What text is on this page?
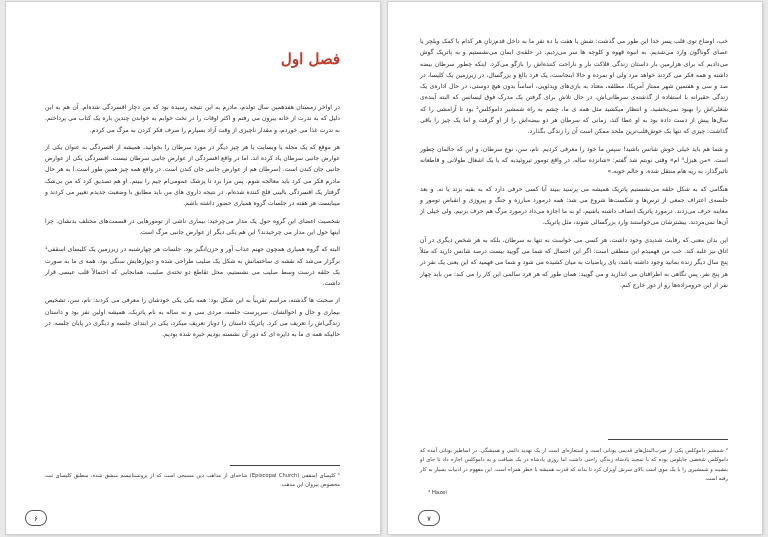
فصل اول

در اواخر زمستان هفدهمین سال تولدم، مادرم به این نتیجه رسیده بود که من دچار افسردگی شده‌ام. آن هم به این دلیل که به ندرت از خانه بیرون می رفتم و اکثر اوقات را در تخت خوابم به خواندن چندین باره یک کتاب می پرداختم. به ندرت غذا می خوردم، و مقدار ناچیزی از وقت آزاد بسیارم را صرف فکر کردن به مرگ می کردم.

هر موقع که یک مجله یا وبسایت یا هر چیز دیگر در مورد سرطان را بخوانید، همیشه از افسردگی به عنوان یکی از عوارض جانبی سرطان یاد کرده اند. اما در واقع افسردگی از عوارض جانبی سرطان نیست. افسردگی یکی از عوارض جانبی جان کندن است. (سرطان هم از عوارض جانبی جان کندن است. در واقع همه چیز همین طور است.) به هر حال مادرم فکر می کرد باید معالجه شوم. پس مرا برد تا پزشک عمومی‌ام جیم را ببینم. او هم تصدیق کرد که من بی‌شک گرفتار یک افسردگی بالینی فلج کننده شده‌ام. در نتیجه داروی های من باید مطابق با وضعیت جدیدم تغییر می کردند و میبایست هر هفته در جلسات گروه همیاری حضور داشته باشم.

شخصیت اعضای این گروه حول یک مدار می‌چرخید: بیماری ناشی از تومورهایی در قسمت‌های مختلف بدنشان. چرا اینها حول این مدار می چرخیدند؟ این هم یکی دیگر از عوارض جانبی مرگ است.

البته که گروه همیاری همچون جهنم عذاب آور و حزن‌انگیز بود. جلسات هر چهارشنبه در زیرزمین یک کلیسای اسقفی¹ برگزار می‌شد که نقشه ی ساختمانش به شکل یک صلیب طراحی شده و دیوارهایش سنگی بود. همه ی ما به صورت یک حلقه درست وسط صلیب می نشستیم، محل تقاطع دو تخته‌ی صلیب، همانجایی که احتمالاً قلب عیسی قرار داشت.

از صحبت ها گذشته، مراسم تقریباً به این شکل بود: همه یکی یکی خودشان را معرفی می کردند: نام، سن، تشخیص بیماری و حال و احوالشان. سرپرست جلسه، مردی سی و نه ساله به نام پاتریک، همیشه اولین نفر بود و داستان زندگی‌اش را تعریف می کرد. پاتریک داستان را دوبار تعریف میکرد، یکی در ابتدای جلسه و دیگری در پایان جلسه. در حالیکه همه ی ما به دایره ای که دور آن نشسته بودیم خیره شده بودیم.

¹ کلیسای اسقفی (Episcopal Church) شاخه‌ای از مذاهب دین مسیحی است که از پروتستانیسم منشق شده، منطبق کلیسای ثبت مخصوص پیروان این مذهب.
۶

خب، اوضاع توی قلب پسر خدا این طور می گذشت: شش یا هفت یا ده نفر ما به داخل قدم‌زنان‌ِ هر کدام با کمک ویلچر یا عصای گوناگون وارد می‌شدیم. به انبوه قهوه و کلوچه ها سر می‌زدیم، در حلقه‌ی ایمان می‌نشستیم و به پاتریک گوش می‌دادیم که برای هزارمین بار داستان زندگی فلاکت بار و ناراحت کننده‌اش را بازگو می‌کرد. اینکه چطور سرطان بیضه داشته و همه فکر می کردند خواهد مرد ولی او نمرده و حالا اینجاست، یک فرد بالغ و بزرگسال، در زیرزمین یک کلیسا، در صد و سی و هفتمین شهر ممتاز آمریکا، مطلقه، معتاد به بازی‌های ویدئویی، اساساً بدون هیچ دوستی، در حال اداره‌ی یک زندگی حقیرانه با استفاده از گذشته‌ی سرطانی‌اش، در حال تلاش برای گرفتن یک مدرک فوق لیسانس که البته آینده‌ی شغلی‌اش را بهبود نمی‌بخشید، و انتظار میکشید مثل همه ی ما، چشم به راه شمشیر داموکلس² بود تا آرامشی را که سال‌ها پیش از دست داده بود به او عطا کند، زمانی که سرطان هر دو بیضه‌اش را از او گرفت و اما یک چیز را باقی گذاشت: چیزی که تنها یک خوش‌قلب‌ترین ملحد ممکن است آن را زندگی بگذارد.

و شما هم باید خیلی خوش شانس باشید! سپس ما خود را معرفی کردیم. نام، سن، نوع سرطان، و این که حالمان چطور است. «من هیزل³ ام» وقتی نوبتم شد گفتم: «شانزده ساله. در واقع تومور تیروئیدیه که با یک اشغال طولانی و قاطعانه تاثیرگذار، به ریه هام منتقل شده. و حالم خوبه.»

هنگامی که به شکل حلقه می‌نشستیم پاتریک همیشه می پرسید ببیند آیا کسی حرفی دارد که به بقیه بزند یا نه. و بعد جلسه‌ی اعتراف جمعی از ترس‌ها و شکست‌ها شروع می شد: همه درمورد مبارزه و جنگ و پیروزی و انقباض تومور و معاینه حرف می‌زدند. درمورد پاتریک انصاف داشته باشیم، او به ما اجازه می‌داد درمورد مرگ هم حرف بزنیم. ولی خیلی از آن‌ها نمی‌مردند. بیشترشان می‌خواستند وارد بزرگسالی شوند، مثل پاتریک.

این بدان معنی که رقابت شدیدی وجود داشت، هر کسی می خواست نه تنها به سرطان، بلکه به هر شخص دیگری در آن اتاق نیز غلبه کند. خب من فهمیدم این منطقی است: اگر این احتمال که شما می گویید بیست درصد شانس دارید که مثلاً پنج سال دیگر زنده بمانید وجود داشته باشد، یای ریاضیات به میان کشیده می شود و شما می فهمید که این یعنی یک نفر در هر پنج نفر. پس نگاهی به اطرافتان می اندازید و می گویید: همان طور که هر فرد سالمی این کار را می کند: من باید چهار نفر از این حرومزاده‌ها رو از دور خارج کنم.

² شمشیر داموکلس یکی از ضرب‌المثل‌های قدیمی یونانی است و استعاره‌ای است از یک تهدید دائمی و همیشگی. در اساطیر یونانی آمده که داموکلس شخصی چاپلوس بوده که با تمجید پادشاه زندگی راحتی داشت اما روزی پادشاه در یک ضیافت و به داموکلس اجازه داد تا جای او بنشیند و شمشیری را با یک موی اسب بالای سرش آویزان کرد تا بداند که قدرت همیشه با خطر همراه است. این مفهوم در ادبیات بسیار به کار رفته است.
³ Hazel
۷
